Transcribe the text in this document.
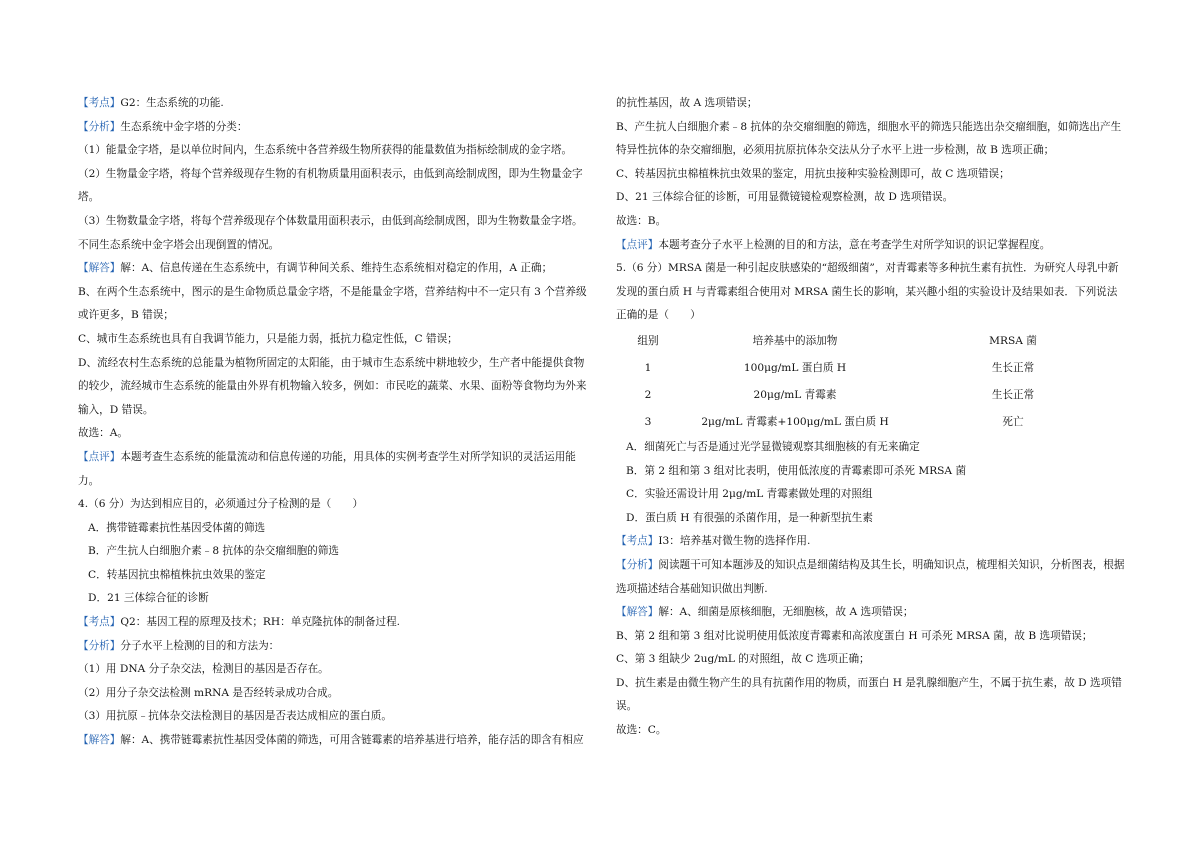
【考点】G2：生态系统的功能.

【分析】生态系统中金字塔的分类：

（1）能量金字塔，是以单位时间内，生态系统中各营养级生物所获得的能量数值为指标绘制成的金字塔。

（2）生物量金字塔，将每个营养级现存生物的有机物质量用面积表示，由低到高绘制成图，即为生物量金字塔。

（3）生物数量金字塔，将每个营养级现存个体数量用面积表示，由低到高绘制成图，即为生物数量金字塔。

不同生态系统中金字塔会出现倒置的情况。

【解答】解：A、信息传递在生态系统中，有调节种间关系、维持生态系统相对稳定的作用，A 正确；

B、在两个生态系统中，图示的是生命物质总量金字塔，不是能量金字塔，营养结构中不一定只有 3 个营养级或许更多，B 错误；

C、城市生态系统也具有自我调节能力，只是能力弱，抵抗力稳定性低，C 错误；

D、流经农村生态系统的总能量为植物所固定的太阳能，由于城市生态系统中耕地较少，生产者中能提供食物的较少，流经城市生态系统的能量由外界有机物输入较多，例如：市民吃的蔬菜、水果、面粉等食物均为外来输入，D 错误。

故选：A。

【点评】本题考查生态系统的能量流动和信息传递的功能，用具体的实例考查学生对所学知识的灵活运用能力。

4.（6 分）为达到相应目的，必须通过分子检测的是（　　）

A．携带链霉素抗性基因受体菌的筛选

B．产生抗人白细胞介素﹣8 抗体的杂交瘤细胞的筛选

C．转基因抗虫棉植株抗虫效果的鉴定

D．21 三体综合征的诊断

【考点】Q2：基因工程的原理及技术；RH：单克隆抗体的制备过程.

【分析】分子水平上检测的目的和方法为：

（1）用 DNA 分子杂交法，检测目的基因是否存在。

（2）用分子杂交法检测 mRNA 是否经转录成功合成。

（3）用抗原﹣抗体杂交法检测目的基因是否表达成相应的蛋白质。

【解答】解：A、携带链霉素抗性基因受体菌的筛选，可用含链霉素的培养基进行培养，能存活的即含有相应

的抗性基因，故 A 选项错误；

B、产生抗人白细胞介素﹣8 抗体的杂交瘤细胞的筛选，细胞水平的筛选只能选出杂交瘤细胞，如筛选出产生特异性抗体的杂交瘤细胞，必须用抗原抗体杂交法从分子水平上进一步检测，故 B 选项正确；

C、转基因抗虫棉植株抗虫效果的鉴定，用抗虫接种实验检测即可，故 C 选项错误；

D、21 三体综合征的诊断，可用显微镜镜检观察检测，故 D 选项错误。

故选：B。

【点评】本题考查分子水平上检测的目的和方法，意在考查学生对所学知识的识记掌握程度。

5.（6 分）MRSA 菌是一种引起皮肤感染的“超级细菌”，对青霉素等多种抗生素有抗性．为研究人母乳中新发现的蛋白质 H 与青霉素组合使用对 MRSA 菌生长的影响，某兴趣小组的实验设计及结果如表．下列说法正确的是（　　）

组别	培养基中的添加物	MRSA 菌
1	100μg/mL 蛋白质 H	生长正常
2	20μg/mL 青霉素	生长正常
3	2μg/mL 青霉素+100μg/mL 蛋白质 H	死亡

A．细菌死亡与否是通过光学显微镜观察其细胞核的有无来确定

B．第 2 组和第 3 组对比表明，使用低浓度的青霉素即可杀死 MRSA 菌

C．实验还需设计用 2μg/mL 青霉素做处理的对照组

D．蛋白质 H 有很强的杀菌作用，是一种新型抗生素

【考点】I3：培养基对微生物的选择作用.

【分析】阅读题干可知本题涉及的知识点是细菌结构及其生长，明确知识点，梳理相关知识，分析图表，根据选项描述结合基础知识做出判断.

【解答】解：A、细菌是原核细胞，无细胞核，故 A 选项错误；

B、第 2 组和第 3 组对比说明使用低浓度青霉素和高浓度蛋白 H 可杀死 MRSA 菌，故 B 选项错误；

C、第 3 组缺少 2ug/mL 的对照组，故 C 选项正确；

D、抗生素是由微生物产生的具有抗菌作用的物质，而蛋白 H 是乳腺细胞产生，不属于抗生素，故 D 选项错误。

故选：C。
